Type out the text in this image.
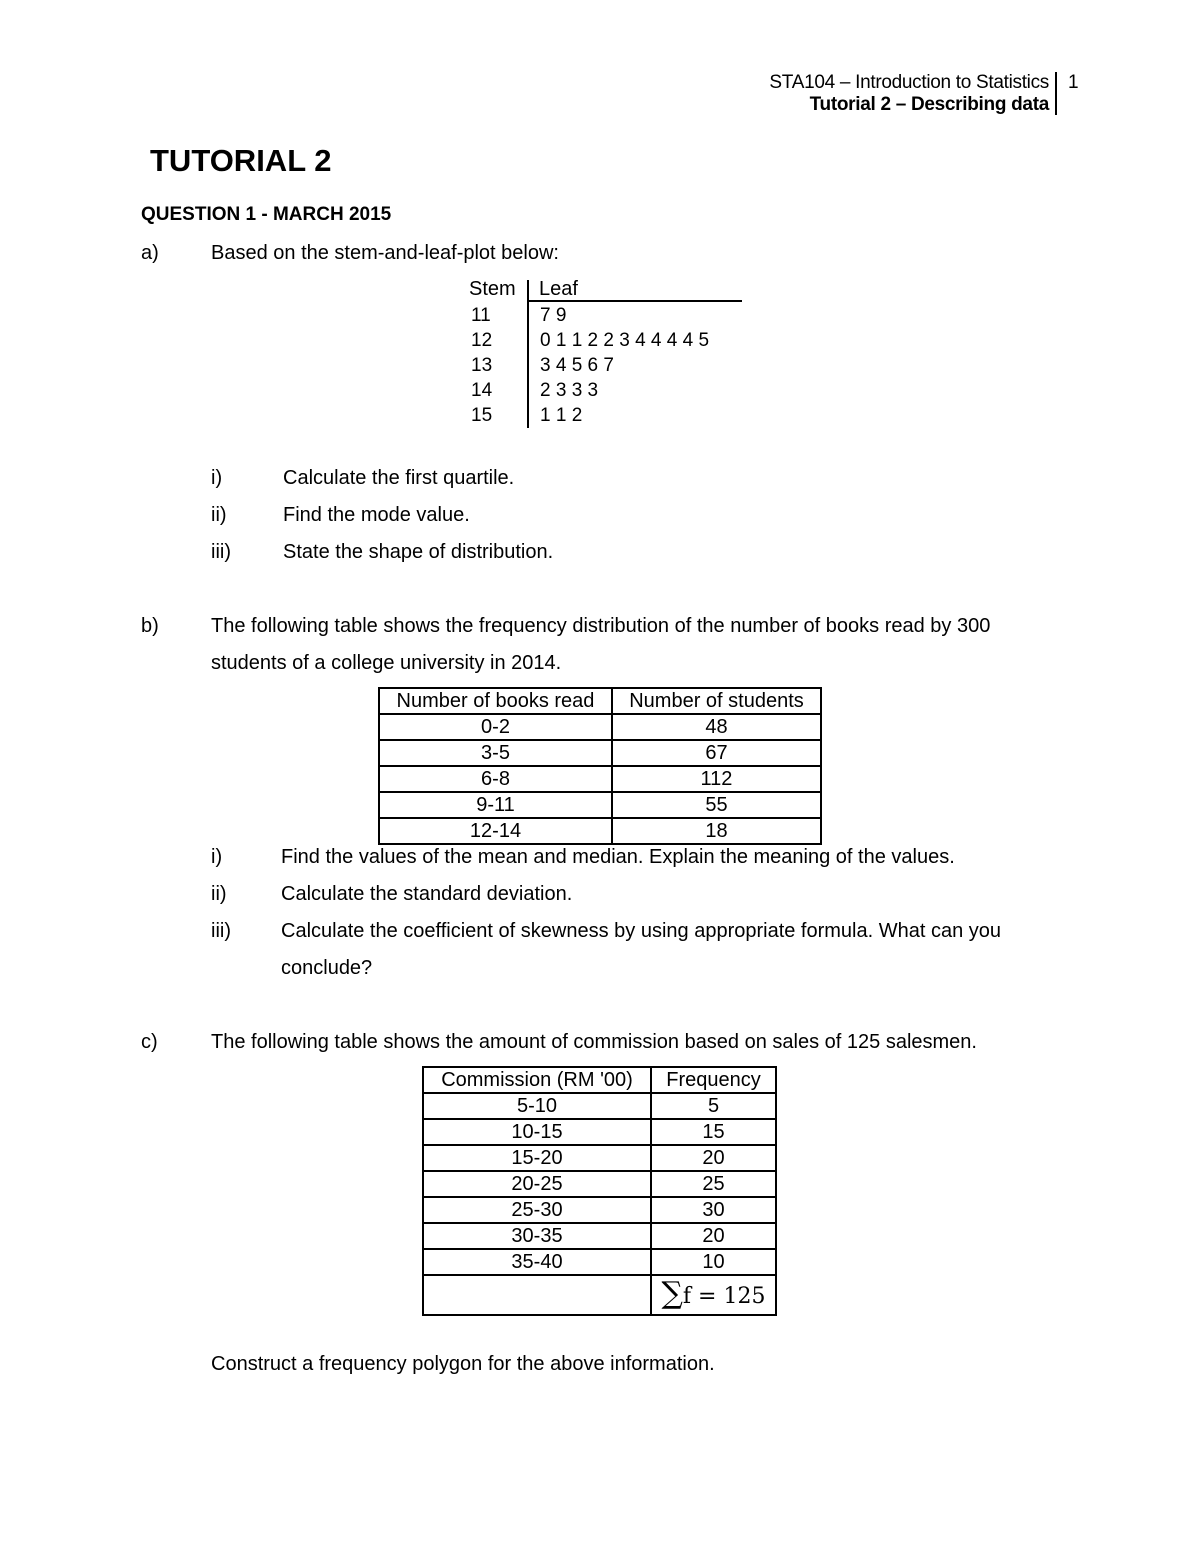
STA104 – Introduction to Statistics
Tutorial 2 – Describing data
1
TUTORIAL 2
QUESTION 1 - MARCH 2015
a)	Based on the stem-and-leaf-plot below:
Stem Leaf
11	7 9
12	0 1 1 2 2 3 4 4 4 4 5
13	3 4 5 6 7
14	2 3 3 3
15	1 1 2
i)	Calculate the first quartile.
ii)	Find the mode value.
iii)	State the shape of distribution.
b)	The following table shows the frequency distribution of the number of books read by 300
students of a college university in 2014.
Number of books read	Number of students
0-2	48
3-5	67
6-8	112
9-11	55
12-14	18
i)	Find the values of the mean and median. Explain the meaning of the values.
ii)	Calculate the standard deviation.
iii)	Calculate the coefficient of skewness by using appropriate formula. What can you
conclude?
c)	The following table shows the amount of commission based on sales of 125 salesmen.
Commission (RM '00)	Frequency
5-10	5
10-15	15
15-20	20
20-25	25
25-30	30
30-35	20
35-40	10
	∑f = 125
Construct a frequency polygon for the above information.
